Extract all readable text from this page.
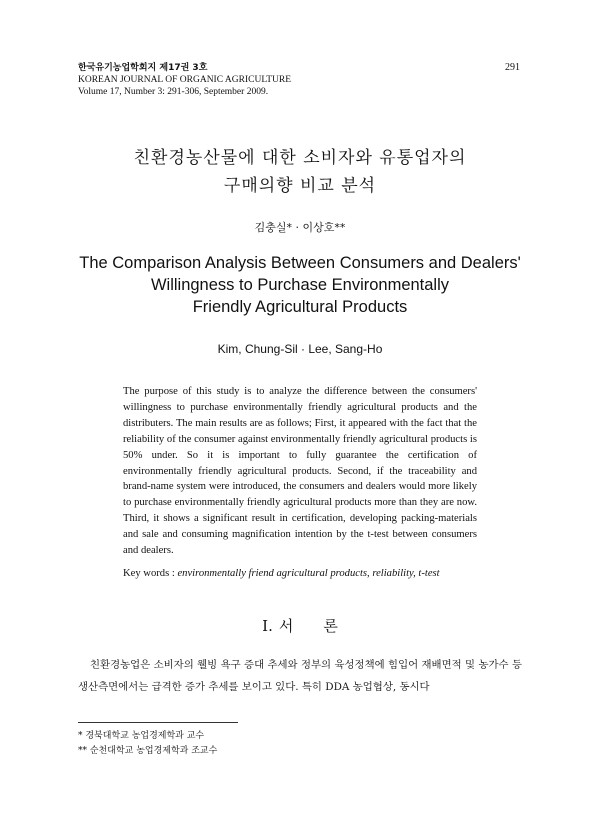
한국유기농업학회지 제17권 3호
KOREAN JOURNAL OF ORGANIC AGRICULTURE
Volume 17, Number 3: 291-306, September 2009.
291
친환경농산물에 대한 소비자와 유통업자의
구매의향 비교 분석
김충실* · 이상호**
The Comparison Analysis Between Consumers and Dealers'
Willingness to Purchase Environmentally
Friendly Agricultural Products
Kim, Chung-Sil · Lee, Sang-Ho
The purpose of this study is to analyze the difference between the consumers' willingness to purchase environmentally friendly agricultural products and the distributers. The main results are as follows; First, it appeared with the fact that the reliability of the consumer against environmentally friendly agricultural products is 50% under. So it is important to fully guarantee the certification of environmentally friendly agricultural products. Second, if the traceability and brand-name system were introduced, the consumers and dealers would more likely to purchase environmentally friendly agricultural products more than they are now. Third, it shows a significant result in certification, developing packing-materials and sale and consuming magnification intention by the t-test between consumers and dealers.
Key words : environmentally friend agricultural products, reliability, t-test
I. 서 론
친환경농업은 소비자의 웰빙 욕구 증대 추세와 정부의 육성정책에 힘입어 재배면적 및 농가수 등 생산측면에서는 급격한 증가 추세를 보이고 있다. 특히 DDA 농업협상, 동시다
* 경북대학교 농업경제학과 교수
** 순천대학교 농업경제학과 조교수
